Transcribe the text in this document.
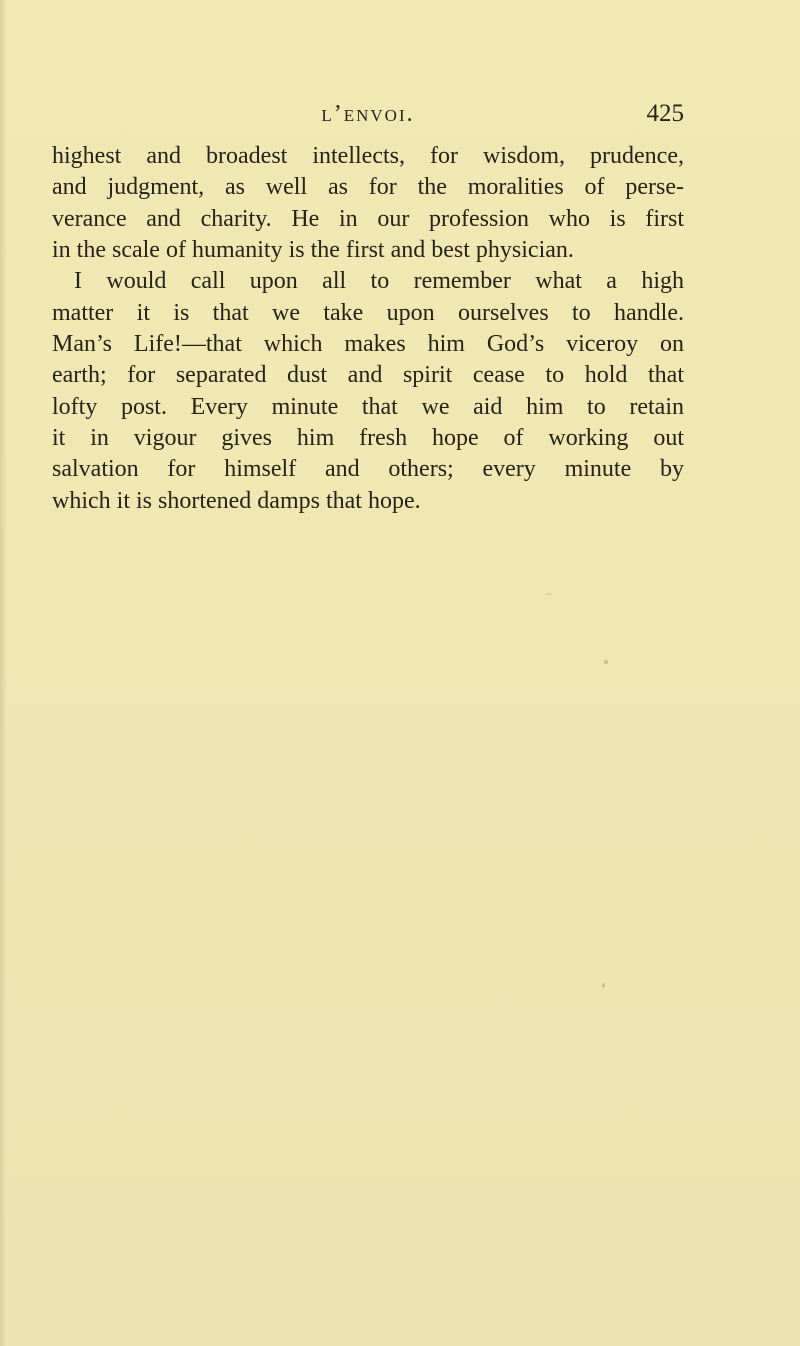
l’envoi.	425
highest and broadest intellects, for wisdom, prudence,
and judgment, as well as for the moralities of perse-
verance and charity. He in our profession who is first
in the scale of humanity is the first and best physician.
I would call upon all to remember what a high
matter it is that we take upon ourselves to handle.
Man’s Life!—that which makes him God’s viceroy on
earth; for separated dust and spirit cease to hold that
lofty post. Every minute that we aid him to retain
it in vigour gives him fresh hope of working out
salvation for himself and others; every minute by
which it is shortened damps that hope.
